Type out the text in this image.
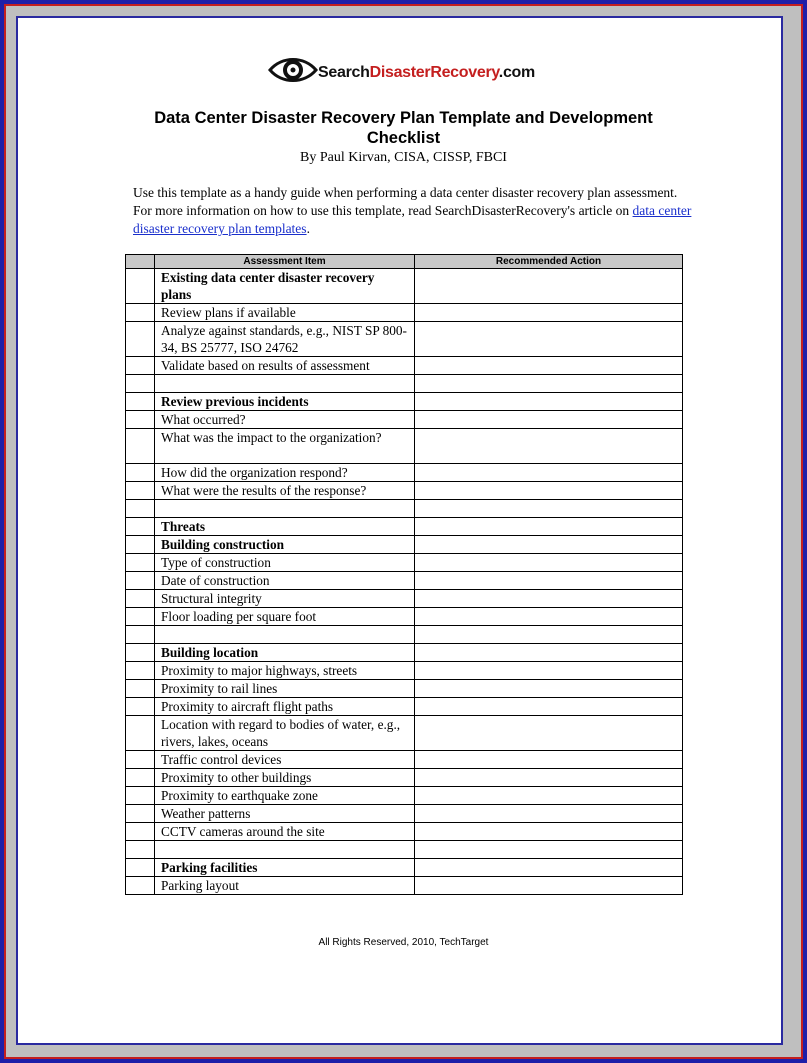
SearchDisasterRecovery.com
Data Center Disaster Recovery Plan Template and Development
Checklist
By Paul Kirvan, CISA, CISSP, FBCI
Use this template as a handy guide when performing a data center disaster recovery plan assessment. For more information on how to use this template, read SearchDisasterRecovery's article on data center disaster recovery plan templates.
	Assessment Item	Recommended Action
	Existing data center disaster recovery plans	
	Review plans if available	
	Analyze against standards, e.g., NIST SP 800-34, BS 25777, ISO 24762	
	Validate based on results of assessment	

	Review previous incidents	
	What occurred?	
	What was the impact to the organization?	
	How did the organization respond?	
	What were the results of the response?	

	Threats	
	Building construction	
	Type of construction	
	Date of construction	
	Structural integrity	
	Floor loading per square foot	

	Building location	
	Proximity to major highways, streets	
	Proximity to rail lines	
	Proximity to aircraft flight paths	
	Location with regard to bodies of water, e.g., rivers, lakes, oceans	
	Traffic control devices	
	Proximity to other buildings	
	Proximity to earthquake zone	
	Weather patterns	
	CCTV cameras around the site	

	Parking facilities	
	Parking layout	
All Rights Reserved, 2010, TechTarget
